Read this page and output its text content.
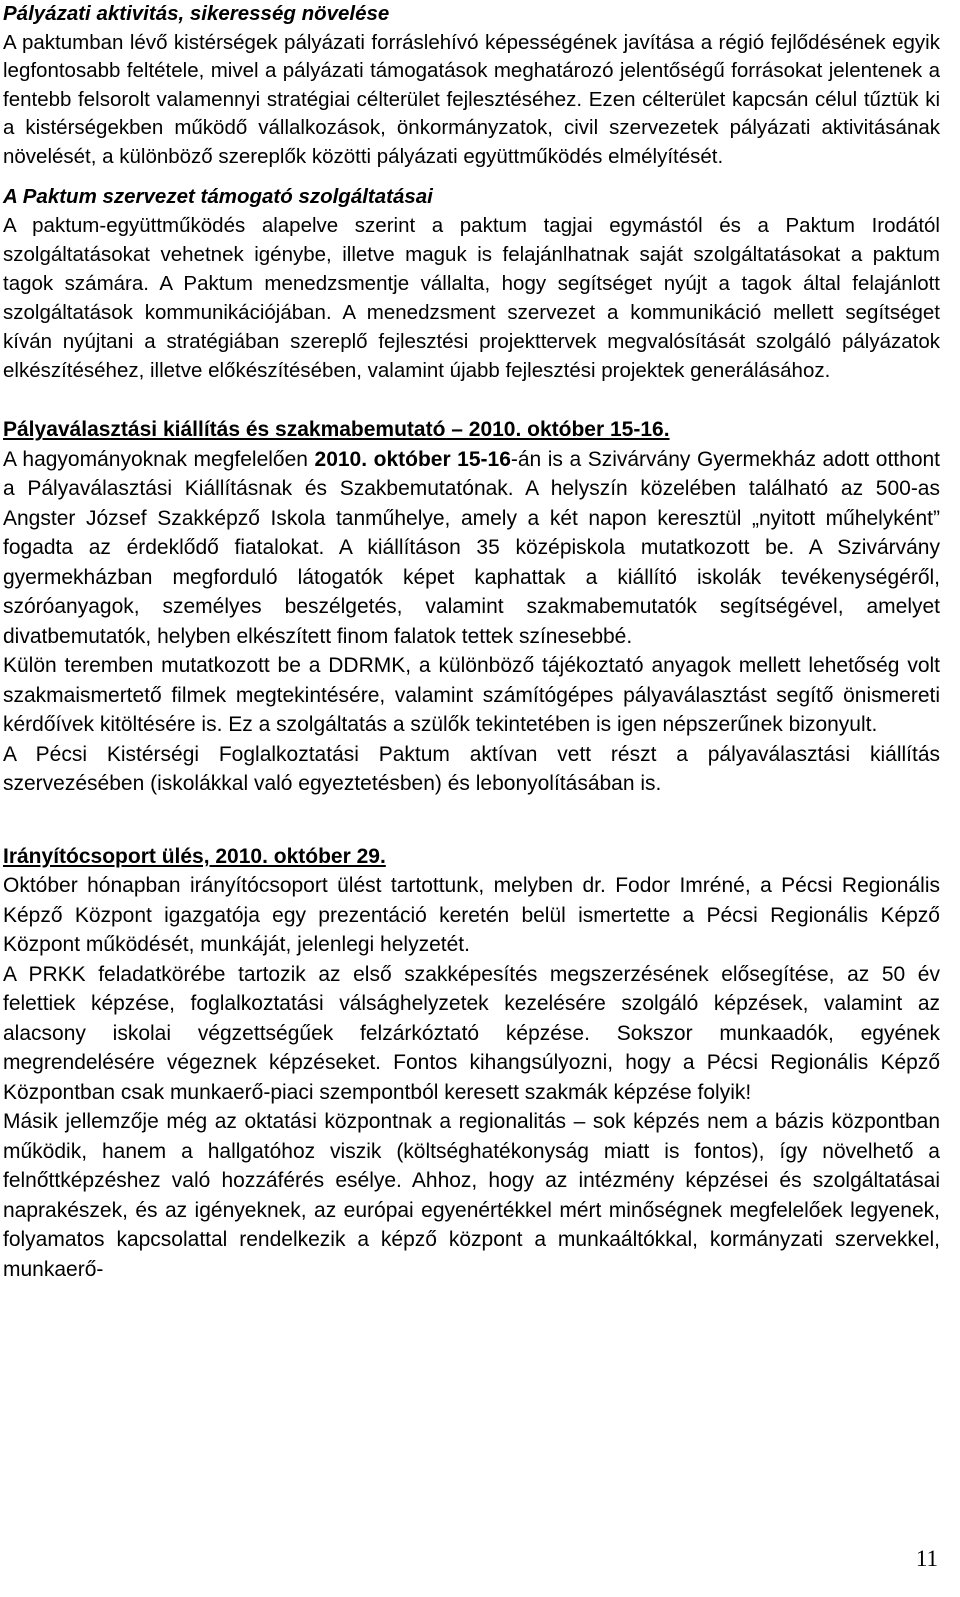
Pályázati aktivitás, sikeresség növelése

A paktumban lévő kistérségek pályázati forráslehívó képességének javítása a régió fejlődésének egyik legfontosabb feltétele, mivel a pályázati támogatások meghatározó jelentőségű forrásokat jelentenek a fentebb felsorolt valamennyi stratégiai célterület fejlesztéséhez. Ezen célterület kapcsán célul tűztük ki a kistérségekben működő vállalkozások, önkormányzatok, civil szervezetek pályázati aktivitásának növelését, a különböző szereplők közötti pályázati együttműködés elmélyítését.

A Paktum szervezet támogató szolgáltatásai

A paktum-együttműködés alapelve szerint a paktum tagjai egymástól és a Paktum Irodától szolgáltatásokat vehetnek igénybe, illetve maguk is felajánlhatnak saját szolgáltatásokat a paktum tagok számára. A Paktum menedzsmentje vállalta, hogy segítséget nyújt a tagok által felajánlott szolgáltatások kommunikációjában. A menedzsment szervezet a kommunikáció mellett segítséget kíván nyújtani a stratégiában szereplő fejlesztési projekttervek megvalósítását szolgáló pályázatok elkészítéséhez, illetve előkészítésében, valamint újabb fejlesztési projektek generálásához.

Pályaválasztási kiállítás és szakmabemutató – 2010. október 15-16.

A hagyományoknak megfelelően 2010. október 15-16-án is a Szivárvány Gyermekház adott otthont a Pályaválasztási Kiállításnak és Szakbemutatónak. A helyszín közelében található az 500-as Angster József Szakképző Iskola tanműhelye, amely a két napon keresztül „nyitott műhelyként” fogadta az érdeklődő fiatalokat. A kiállításon 35 középiskola mutatkozott be. A Szivárvány gyermekházban megforduló látogatók képet kaphattak a kiállító iskolák tevékenységéről, szóróanyagok, személyes beszélgetés, valamint szakmabemutatók segítségével, amelyet divatbemutatók, helyben elkészített finom falatok tettek színesebbé.

Külön teremben mutatkozott be a DDRMK, a különböző tájékoztató anyagok mellett lehetőség volt szakmaismertető filmek megtekintésére, valamint számítógépes pályaválasztást segítő önismereti kérdőívek kitöltésére is. Ez a szolgáltatás a szülők tekintetében is igen népszerűnek bizonyult.

A Pécsi Kistérségi Foglalkoztatási Paktum aktívan vett részt a pályaválasztási kiállítás szervezésében (iskolákkal való egyeztetésben) és lebonyolításában is.

Irányítócsoport ülés, 2010. október 29.

Október hónapban irányítócsoport ülést tartottunk, melyben dr. Fodor Imréné, a Pécsi Regionális Képző Központ igazgatója egy prezentáció keretén belül ismertette a Pécsi Regionális Képző Központ működését, munkáját, jelenlegi helyzetét.

A PRKK feladatkörébe tartozik az első szakképesítés megszerzésének elősegítése, az 50 év felettiek képzése, foglalkoztatási válsághelyzetek kezelésére szolgáló képzések, valamint az alacsony iskolai végzettségűek felzárkóztató képzése. Sokszor munkaadók, egyének megrendelésére végeznek képzéseket. Fontos kihangsúlyozni, hogy a Pécsi Regionális Képző Központban csak munkaerő-piaci szempontból keresett szakmák képzése folyik!

Másik jellemzője még az oktatási központnak a regionalitás – sok képzés nem a bázis központban működik, hanem a hallgatóhoz viszik (költséghatékonyság miatt is fontos), így növelhető a felnőttképzéshez való hozzáférés esélye. Ahhoz, hogy az intézmény képzései és szolgáltatásai naprakészek, és az igényeknek, az európai egyenértékkel mért minőségnek megfelelőek legyenek, folyamatos kapcsolattal rendelkezik a képző központ a munkaáltókkal, kormányzati szervekkel, munkaerő-

11
